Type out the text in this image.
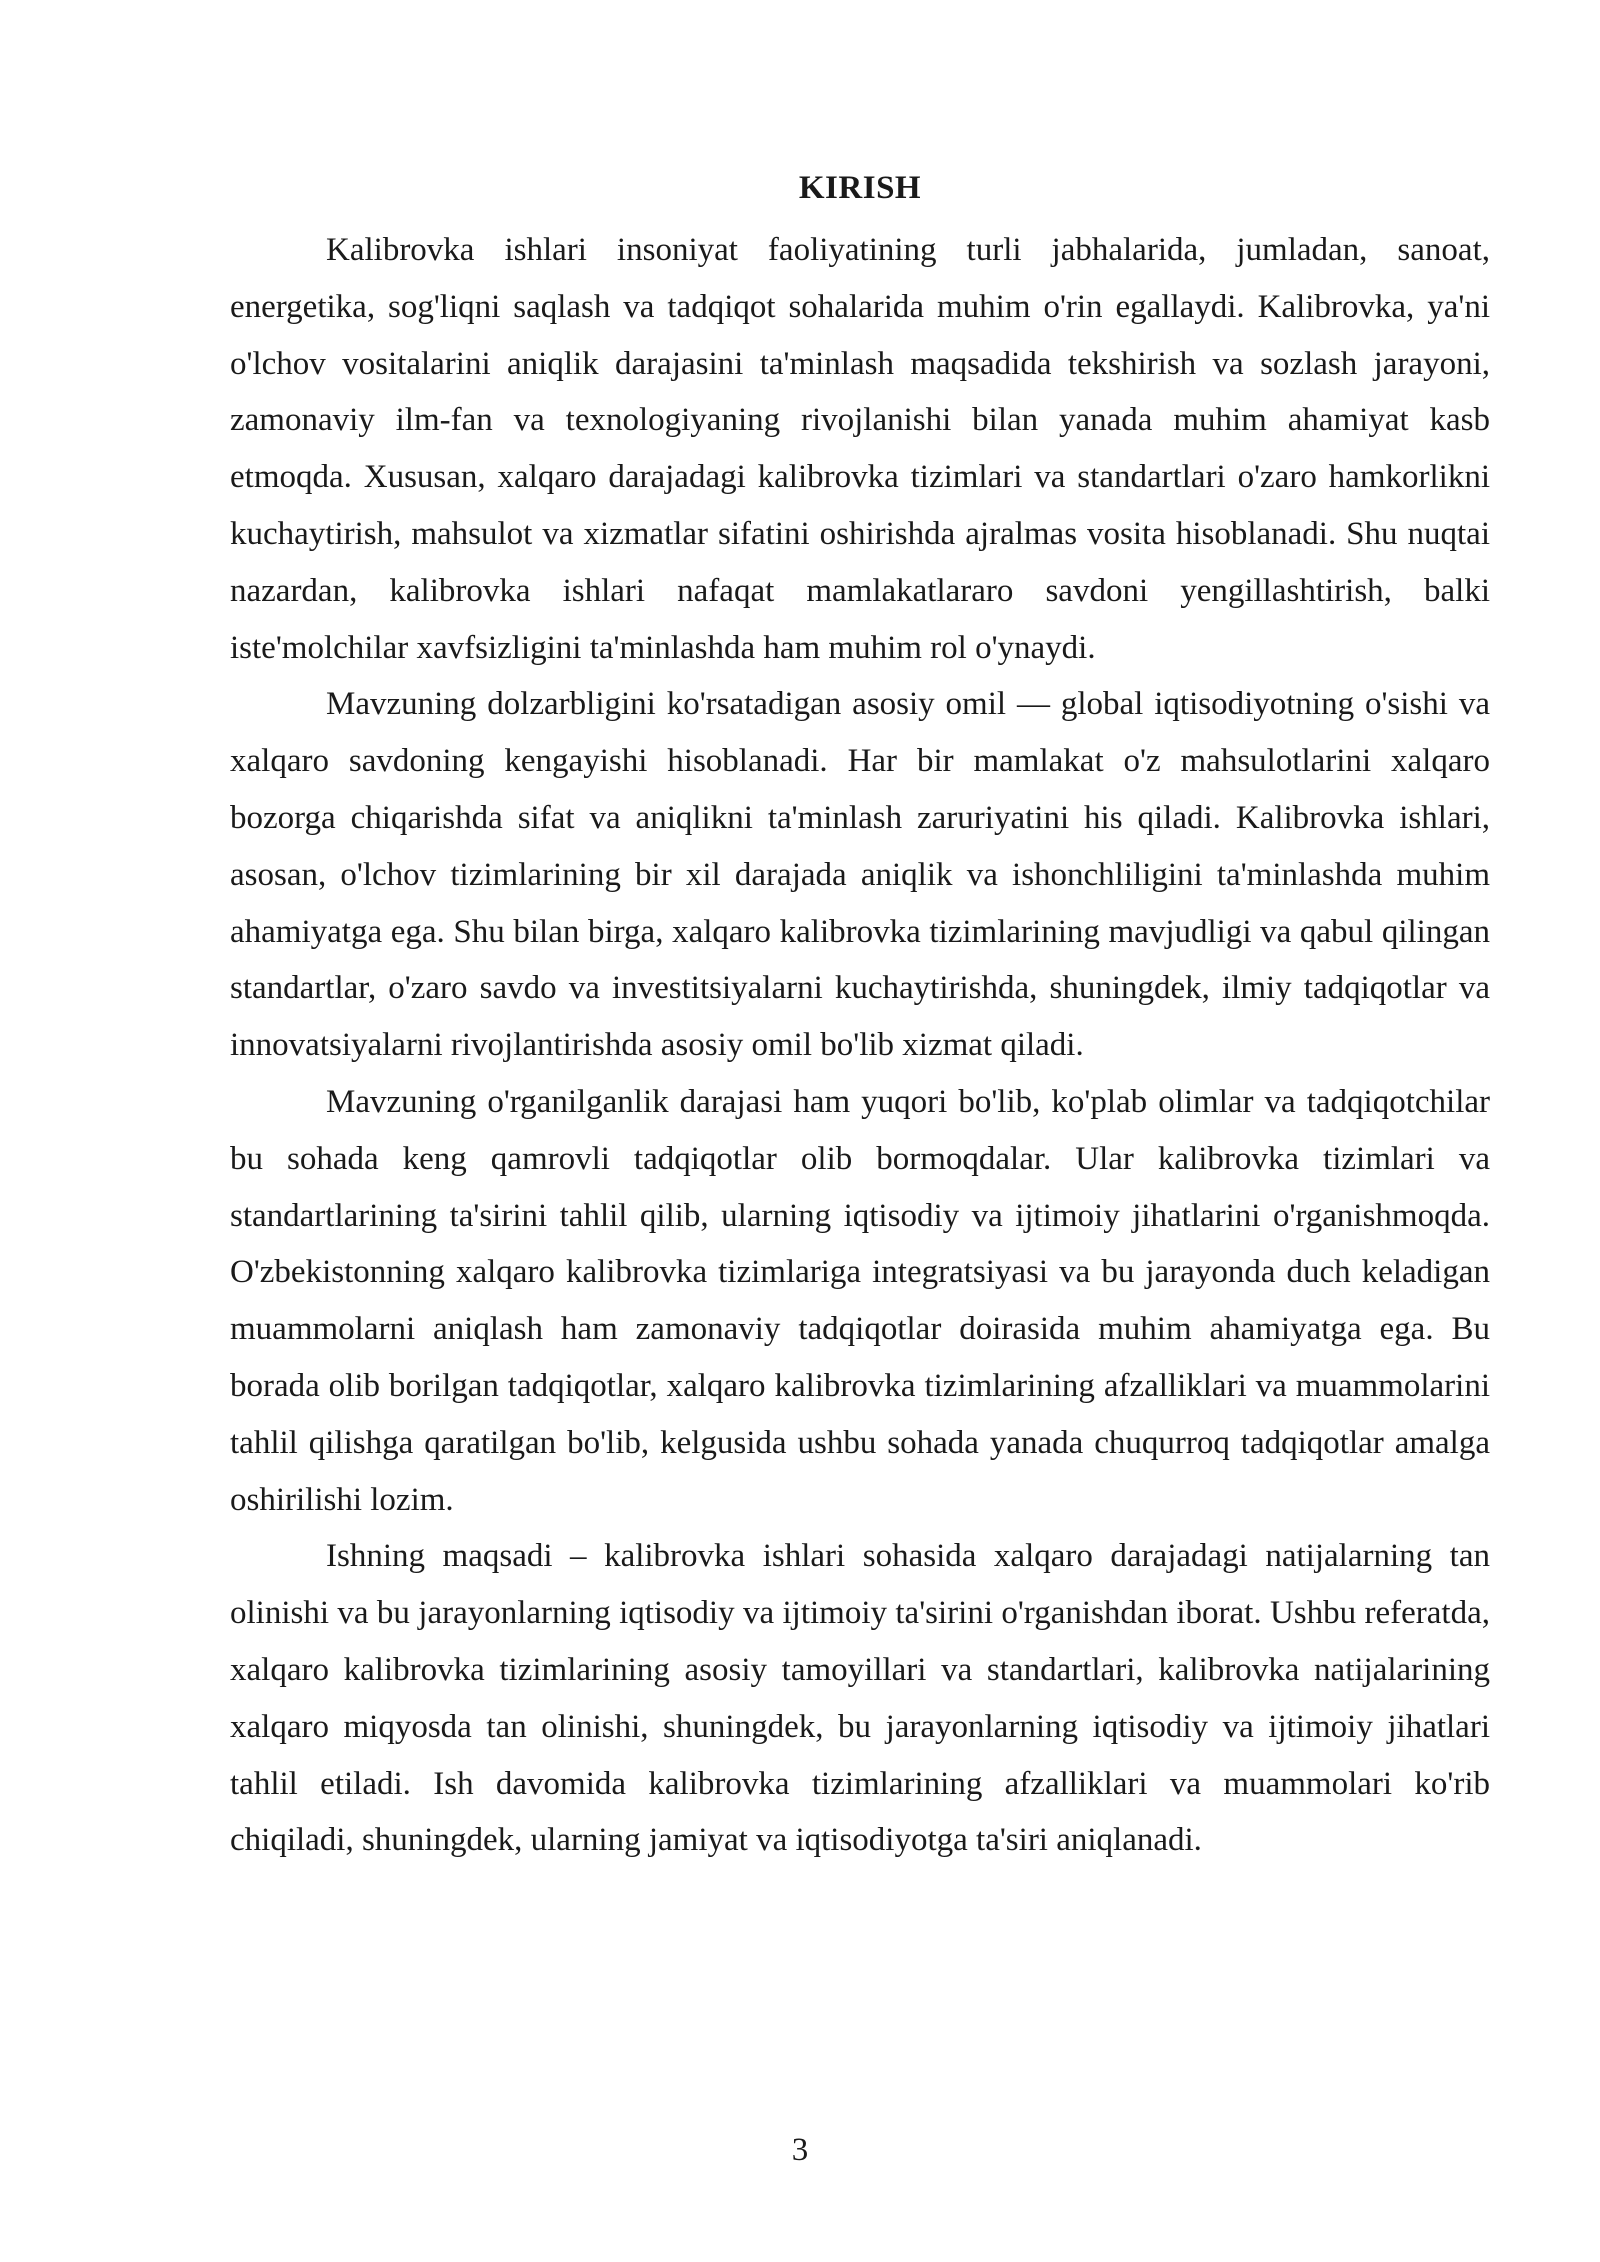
KIRISH

Kalibrovka ishlari insoniyat faoliyatining turli jabhalarida, jumladan, sanoat, energetika, sog'liqni saqlash va tadqiqot sohalarida muhim o'rin egallaydi. Kalibrovka, ya'ni o'lchov vositalarini aniqlik darajasini ta'minlash maqsadida tekshirish va sozlash jarayoni, zamonaviy ilm-fan va texnologiyaning rivojlanishi bilan yanada muhim ahamiyat kasb etmoqda. Xususan, xalqaro darajadagi kalibrovka tizimlari va standartlari o'zaro hamkorlikni kuchaytirish, mahsulot va xizmatlar sifatini oshirishda ajralmas vosita hisoblanadi. Shu nuqtai nazardan, kalibrovka ishlari nafaqat mamlakatlararo savdoni yengillashtirish, balki iste'molchilar xavfsizligini ta'minlashda ham muhim rol o'ynaydi.

Mavzuning dolzarbligini ko'rsatadigan asosiy omil — global iqtisodiyotning o'sishi va xalqaro savdoning kengayishi hisoblanadi. Har bir mamlakat o'z mahsulotlarini xalqaro bozorga chiqarishda sifat va aniqlikni ta'minlash zaruriyatini his qiladi. Kalibrovka ishlari, asosan, o'lchov tizimlarining bir xil darajada aniqlik va ishonchliligini ta'minlashda muhim ahamiyatga ega. Shu bilan birga, xalqaro kalibrovka tizimlarining mavjudligi va qabul qilingan standartlar, o'zaro savdo va investitsiyalarni kuchaytirishda, shuningdek, ilmiy tadqiqotlar va innovatsiyalarni rivojlantirishda asosiy omil bo'lib xizmat qiladi.

Mavzuning o'rganilganlik darajasi ham yuqori bo'lib, ko'plab olimlar va tadqiqotchilar bu sohada keng qamrovli tadqiqotlar olib bormoqdalar. Ular kalibrovka tizimlari va standartlarining ta'sirini tahlil qilib, ularning iqtisodiy va ijtimoiy jihatlarini o'rganishmoqda. O'zbekistonning xalqaro kalibrovka tizimlariga integratsiyasi va bu jarayonda duch keladigan muammolarni aniqlash ham zamonaviy tadqiqotlar doirasida muhim ahamiyatga ega. Bu borada olib borilgan tadqiqotlar, xalqaro kalibrovka tizimlarining afzalliklari va muammolarini tahlil qilishga qaratilgan bo'lib, kelgusida ushbu sohada yanada chuqurroq tadqiqotlar amalga oshirilishi lozim.

Ishning maqsadi – kalibrovka ishlari sohasida xalqaro darajadagi natijalarning tan olinishi va bu jarayonlarning iqtisodiy va ijtimoiy ta'sirini o'rganishdan iborat. Ushbu referatda, xalqaro kalibrovka tizimlarining asosiy tamoyillari va standartlari, kalibrovka natijalarining xalqaro miqyosda tan olinishi, shuningdek, bu jarayonlarning iqtisodiy va ijtimoiy jihatlari tahlil etiladi. Ish davomida kalibrovka tizimlarining afzalliklari va muammolari ko'rib chiqiladi, shuningdek, ularning jamiyat va iqtisodiyotga ta'siri aniqlanadi.

3
